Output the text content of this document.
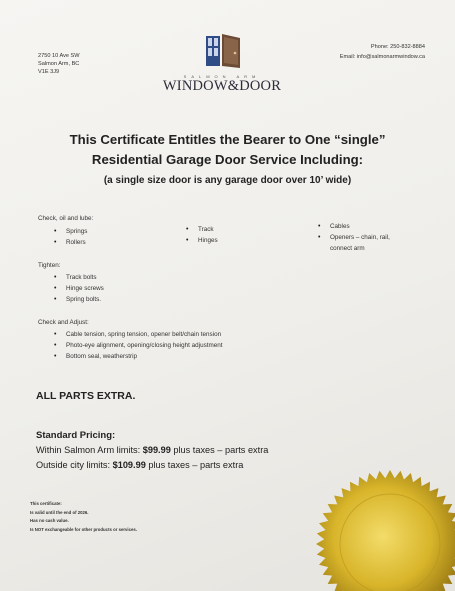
2750 10 Ave SW
Salmon Arm, BC
V1E 3J9
Phone: 250-832-8884
Email: info@salmonarmwindow.ca
SALMON ARM
WINDOW&DOOR
This Certificate Entitles the Bearer to One “single”
Residential Garage Door Service Including:
(a single size door is any garage door over 10’ wide)
Check, oil and lube:
• Springs
• Rollers
• Track
• Hinges
• Cables
• Openers – chain, rail, connect arm
Tighten:
• Track bolts
• Hinge screws
• Spring bolts.
Check and Adjust:
• Cable tension, spring tension, opener belt/chain tension
• Photo-eye alignment, opening/closing height adjustment
• Bottom seal, weatherstrip
ALL PARTS EXTRA.
Standard Pricing:
Within Salmon Arm limits: $99.99 plus taxes – parts extra
Outside city limits: $109.99 plus taxes – parts extra
This certificate:
Is valid until the end of 2026.
Has no cash value.
Is NOT exchangeable for other products or services.
